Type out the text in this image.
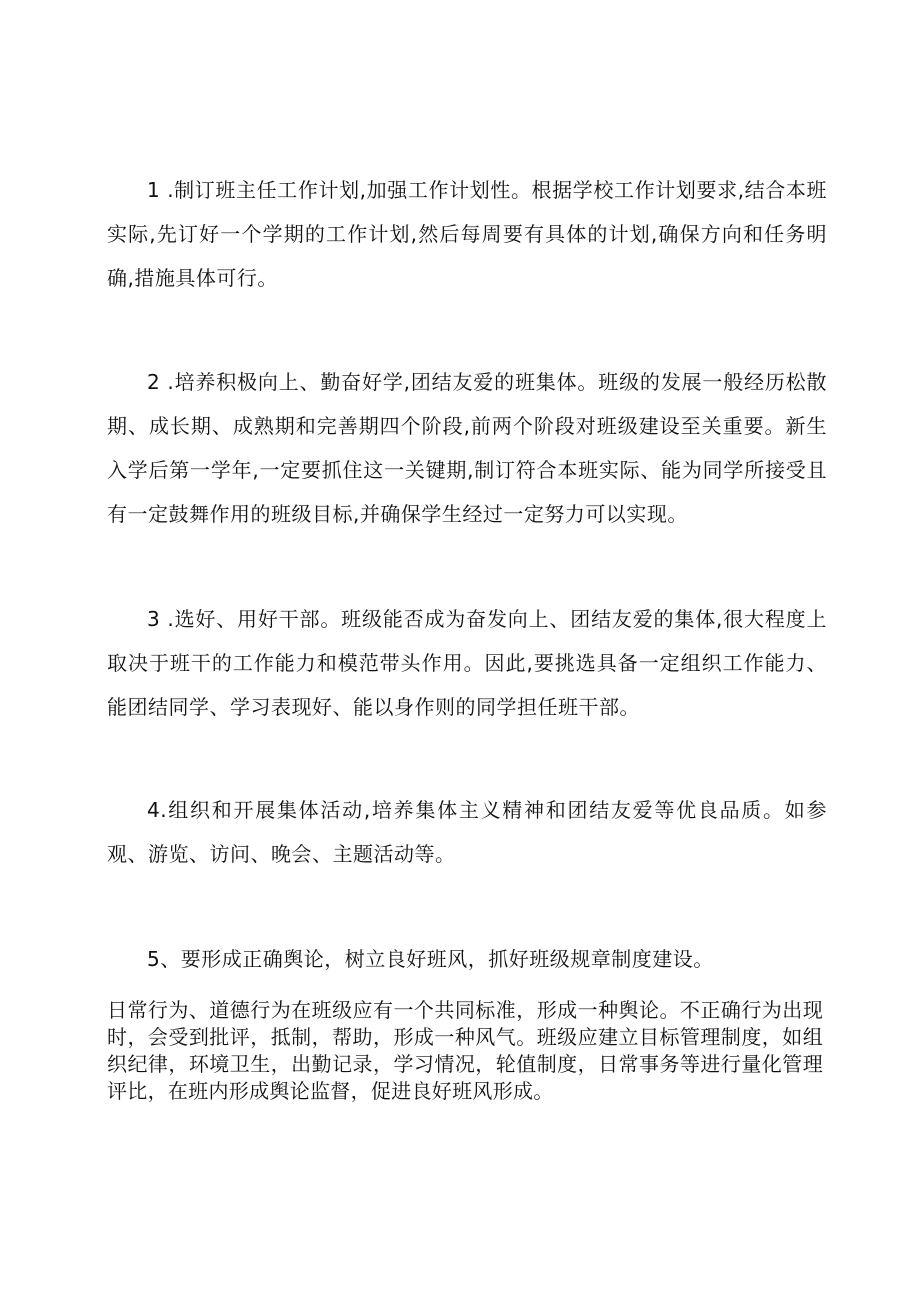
1 .制订班主任工作计划,加强工作计划性。根据学校工作计划要求,结合本班实际,先订好一个学期的工作计划,然后每周要有具体的计划,确保方向和任务明确,措施具体可行。

2 .培养积极向上、勤奋好学,团结友爱的班集体。班级的发展一般经历松散期、成长期、成熟期和完善期四个阶段,前两个阶段对班级建设至关重要。新生入学后第一学年,一定要抓住这一关键期,制订符合本班实际、能为同学所接受且有一定鼓舞作用的班级目标,并确保学生经过一定努力可以实现。

3 .选好、用好干部。班级能否成为奋发向上、团结友爱的集体,很大程度上取决于班干的工作能力和模范带头作用。因此,要挑选具备一定组织工作能力、能团结同学、学习表现好、能以身作则的同学担任班干部。

4.组织和开展集体活动,培养集体主义精神和团结友爱等优良品质。如参观、游览、访问、晚会、主题活动等。

5、要形成正确舆论，树立良好班风，抓好班级规章制度建设。

日常行为、道德行为在班级应有一个共同标准，形成一种舆论。不正确行为出现时，会受到批评，抵制，帮助，形成一种风气。班级应建立目标管理制度，如组织纪律，环境卫生，出勤记录，学习情况，轮值制度，日常事务等进行量化管理评比，在班内形成舆论监督，促进良好班风形成。
